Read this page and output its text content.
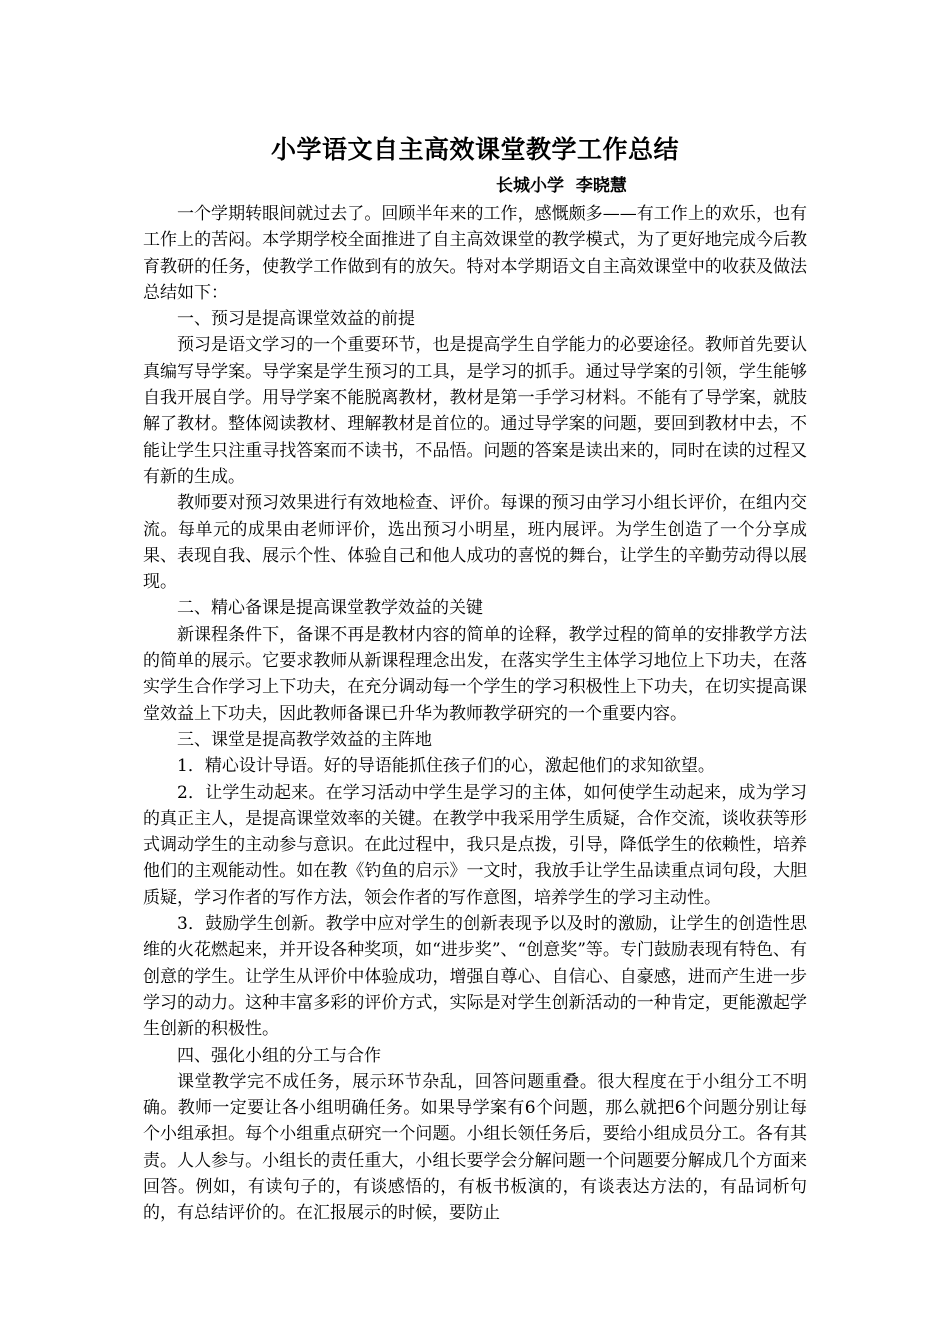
小学语文自主高效课堂教学工作总结
长城小学  李晓慧

一个学期转眼间就过去了。回顾半年来的工作，感慨颇多——有工作上的欢乐，也有工作上的苦闷。本学期学校全面推进了自主高效课堂的教学模式，为了更好地完成今后教育教研的任务，使教学工作做到有的放矢。特对本学期语文自主高效课堂中的收获及做法总结如下：

一、预习是提高课堂效益的前提

预习是语文学习的一个重要环节，也是提高学生自学能力的必要途径。教师首先要认真编写导学案。导学案是学生预习的工具，是学习的抓手。通过导学案的引领，学生能够自我开展自学。用导学案不能脱离教材，教材是第一手学习材料。不能有了导学案，就肢解了教材。整体阅读教材、理解教材是首位的。通过导学案的问题，要回到教材中去，不能让学生只注重寻找答案而不读书，不品悟。问题的答案是读出来的，同时在读的过程又有新的生成。

教师要对预习效果进行有效地检查、评价。每课的预习由学习小组长评价，在组内交流。每单元的成果由老师评价，选出预习小明星，班内展评。为学生创造了一个分享成果、表现自我、展示个性、体验自己和他人成功的喜悦的舞台，让学生的辛勤劳动得以展现。

二、精心备课是提高课堂教学效益的关键

新课程条件下，备课不再是教材内容的简单的诠释，教学过程的简单的安排教学方法的简单的展示。它要求教师从新课程理念出发，在落实学生主体学习地位上下功夫，在落实学生合作学习上下功夫，在充分调动每一个学生的学习积极性上下功夫，在切实提高课堂效益上下功夫，因此教师备课已升华为教师教学研究的一个重要内容。

三、课堂是提高教学效益的主阵地

1．精心设计导语。好的导语能抓住孩子们的心，激起他们的求知欲望。

2．让学生动起来。在学习活动中学生是学习的主体，如何使学生动起来，成为学习的真正主人，是提高课堂效率的关键。在教学中我采用学生质疑，合作交流，谈收获等形式调动学生的主动参与意识。在此过程中，我只是点拨，引导，降低学生的依赖性，培养他们的主观能动性。如在教《钓鱼的启示》一文时，我放手让学生品读重点词句段，大胆质疑，学习作者的写作方法，领会作者的写作意图，培养学生的学习主动性。

3．鼓励学生创新。教学中应对学生的创新表现予以及时的激励，让学生的创造性思维的火花燃起来，并开设各种奖项，如“进步奖”、“创意奖”等。专门鼓励表现有特色、有创意的学生。让学生从评价中体验成功，增强自尊心、自信心、自豪感，进而产生进一步学习的动力。这种丰富多彩的评价方式，实际是对学生创新活动的一种肯定，更能激起学生创新的积极性。

四、强化小组的分工与合作

课堂教学完不成任务，展示环节杂乱，回答问题重叠。很大程度在于小组分工不明确。教师一定要让各小组明确任务。如果导学案有6个问题，那么就把6个问题分别让每个小组承担。每个小组重点研究一个问题。小组长领任务后，要给小组成员分工。各有其责。人人参与。小组长的责任重大，小组长要学会分解问题一个问题要分解成几个方面来回答。例如，有读句子的，有谈感悟的，有板书板演的，有谈表达方法的，有品词析句的，有总结评价的。在汇报展示的时候，要防止
